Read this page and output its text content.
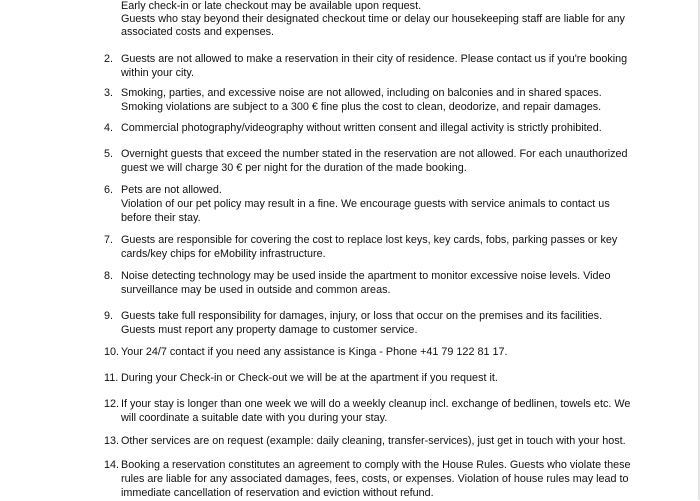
Early check-in or late checkout may be available upon request.
Guests who stay beyond their designated checkout time or delay our housekeeping staff are liable for any
associated costs and expenses.
2. Guests are not allowed to make a reservation in their city of residence. Please contact us if you're booking
within your city.
3. Smoking, parties, and excessive noise are not allowed, including on balconies and in shared spaces.
Smoking violations are subject to a 300 € fine plus the cost to clean, deodorize, and repair damages.
4. Commercial photography/videography without written consent and illegal activity is strictly prohibited.
5. Overnight guests that exceed the number stated in the reservation are not allowed. For each unauthorized
guest we will charge 30 € per night for the duration of the made booking.
6. Pets are not allowed.
Violation of our pet policy may result in a fine. We encourage guests with service animals to contact us
before their stay.
7. Guests are responsible for covering the cost to replace lost keys, key cards, fobs, parking passes or key
cards/key chips for eMobility infrastructure.
8. Noise detecting technology may be used inside the apartment to monitor excessive noise levels. Video
surveillance may be used in outside and common areas.
9. Guests take full responsibility for damages, injury, or loss that occur on the premises and its facilities.
Guests must report any property damage to customer service.
10. Your 24/7 contact if you need any assistance is Kinga - Phone +41 79 122 81 17.
11. During your Check-in or Check-out we will be at the apartment if you request it.
12. If your stay is longer than one week we will do a weekly cleanup incl. exchange of bedlinen, towels etc. We
will coordinate a suitable date with you during your stay.
13. Other services are on request (example: daily cleaning, transfer-services), just get in touch with your host.
14. Booking a reservation constitutes an agreement to comply with the House Rules. Guests who violate these
rules are liable for any associated damages, fees, costs, or expenses. Violation of house rules may lead to
immediate cancellation of reservation and eviction without refund.
